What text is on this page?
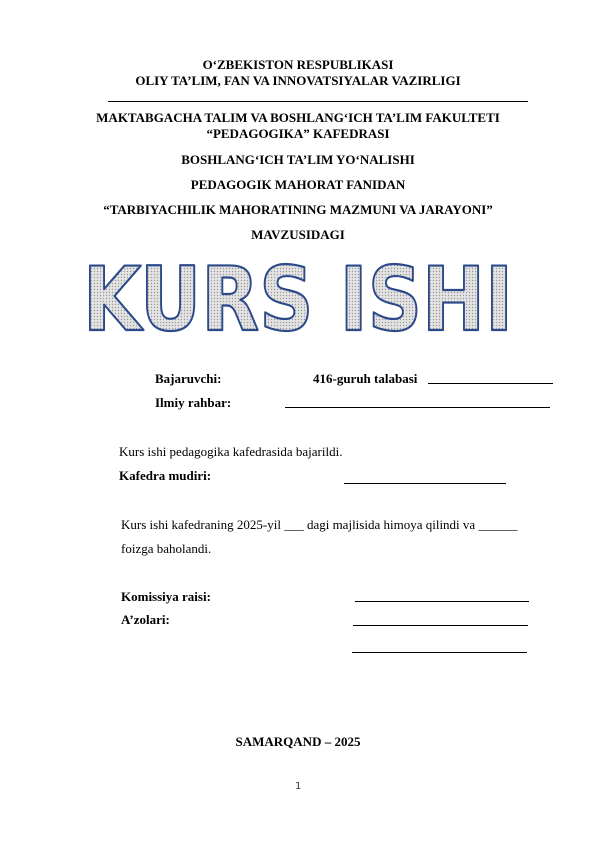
O‘ZBEKISTON RESPUBLIKASI
OLIY TA’LIM, FAN VA INNOVATSIYALAR VAZIRLIGI
MAKTABGACHA TALIM VA BOSHLANG‘ICH TA’LIM FAKULTETI
“PEDAGOGIKA” KAFEDRASI
BOSHLANG‘ICH TA’LIM YO‘NALISHI
PEDAGOGIK MAHORAT FANIDAN
“TARBIYACHILIK MAHORATINING MAZMUNI VA JARAYONI”
MAVZUSIDAGI
KURS ISHI
Bajaruvchi:	416-guruh talabasi
Ilmiy rahbar:
Kurs ishi pedagogika kafedrasida bajarildi.
Kafedra mudiri:
Kurs ishi kafedraning 2025-yil ___ dagi majlisida himoya qilindi va ______
foizga baholandi.
Komissiya raisi:
A’zolari:
SAMARQAND – 2025
1
